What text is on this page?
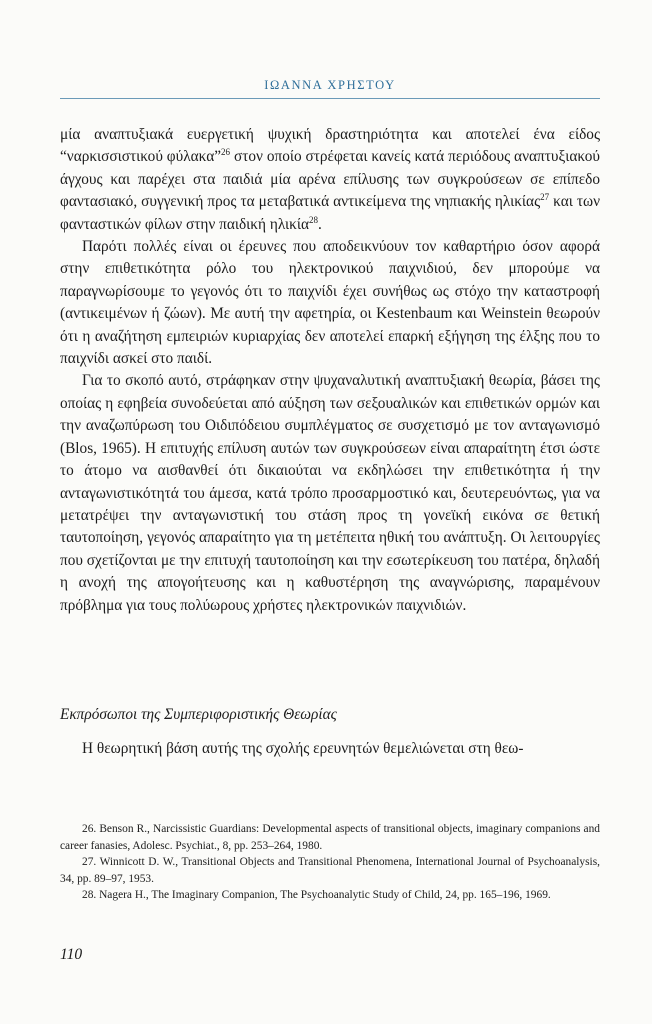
ΙΩΑΝΝΑ ΧΡΗΣΤΟΥ

μία αναπτυξιακά ευεργετική ψυχική δραστηριότητα και αποτελεί ένα είδος “ναρκισσιστικού φύλακα”$^{26}$ στον οποίο στρέφεται κανείς κατά περιόδους αναπτυξιακού άγχους και παρέχει στα παιδιά μία αρένα επίλυσης των συγκρούσεων σε επίπεδο φαντασιακό, συγγενική προς τα μεταβατικά αντικείμενα της νηπιακής ηλικίας$^{27}$ και των φανταστικών φίλων στην παιδική ηλικία$^{28}$.

Παρότι πολλές είναι οι έρευνες που αποδεικνύουν τον καθαρτήριο όσον αφορά στην επιθετικότητα ρόλο του ηλεκτρονικού παιχνιδιού, δεν μπορούμε να παραγνωρίσουμε το γεγονός ότι το παιχνίδι έχει συνήθως ως στόχο την καταστροφή (αντικειμένων ή ζώων). Με αυτή την αφετηρία, οι Kestenbaum και Weinstein θεωρούν ότι η αναζήτηση εμπειριών κυριαρχίας δεν αποτελεί επαρκή εξήγηση της έλξης που το παιχνίδι ασκεί στο παιδί.

Για το σκοπό αυτό, στράφηκαν στην ψυχαναλυτική αναπτυξιακή θεωρία, βάσει της οποίας η εφηβεία συνοδεύεται από αύξηση των σεξουαλικών και επιθετικών ορμών και την αναζωπύρωση του Οιδιπόδειου συμπλέγματος σε συσχετισμό με τον ανταγωνισμό (Blos, 1965). Η επιτυχής επίλυση αυτών των συγκρούσεων είναι απαραίτητη έτσι ώστε το άτομο να αισθανθεί ότι δικαιούται να εκδηλώσει την επιθετικότητα ή την ανταγωνιστικότητά του άμεσα, κατά τρόπο προσαρμοστικό και, δευτερευόντως, για να μετατρέψει την ανταγωνιστική του στάση προς τη γονεϊκή εικόνα σε θετική ταυτοποίηση, γεγονός απαραίτητο για τη μετέπειτα ηθική του ανάπτυξη. Οι λειτουργίες που σχετίζονται με την επιτυχή ταυτοποίηση και την εσωτερίκευση του πατέρα, δηλαδή η ανοχή της απογοήτευσης και η καθυστέρηση της αναγνώρισης, παραμένουν πρόβλημα για τους πολύωρους χρήστες ηλεκτρονικών παιχνιδιών.

Εκπρόσωποι της Συμπεριφοριστικής Θεωρίας

Η θεωρητική βάση αυτής της σχολής ερευνητών θεμελιώνεται στη θεω-

26. Benson R., Narcissistic Guardians: Developmental aspects of transitional objects, imaginary companions and career fanasies, Adolesc. Psychiat., 8, pp. 253–264, 1980.

27. Winnicott D. W., Transitional Objects and Transitional Phenomena, International Journal of Psychoanalysis, 34, pp. 89–97, 1953.

28. Nagera H., The Imaginary Companion, The Psychoanalytic Study of Child, 24, pp. 165–196, 1969.

110
